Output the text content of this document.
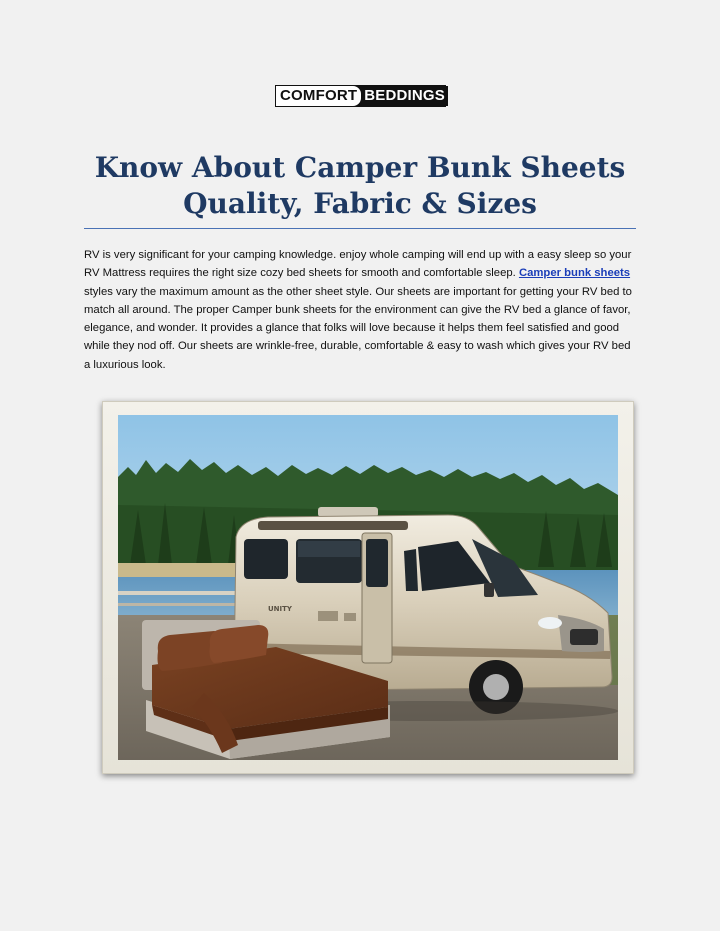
COMFORT BEDDINGS
Know About Camper Bunk Sheets
Quality, Fabric & Sizes

RV is very significant for your camping knowledge. enjoy whole camping will end up with a easy sleep so your RV Mattress requires the right size cozy bed sheets for smooth and comfortable sleep. Camper bunk sheets styles vary the maximum amount as the other sheet style. Our sheets are important for getting your RV bed to match all around. The proper Camper bunk sheets for the environment can give the RV bed a glance of favor, elegance, and wonder. It provides a glance that folks will love because it helps them feel satisfied and good while they nod off. Our sheets are wrinkle-free, durable, comfortable & easy to wash which gives your RV bed a luxurious look.

UNITY
